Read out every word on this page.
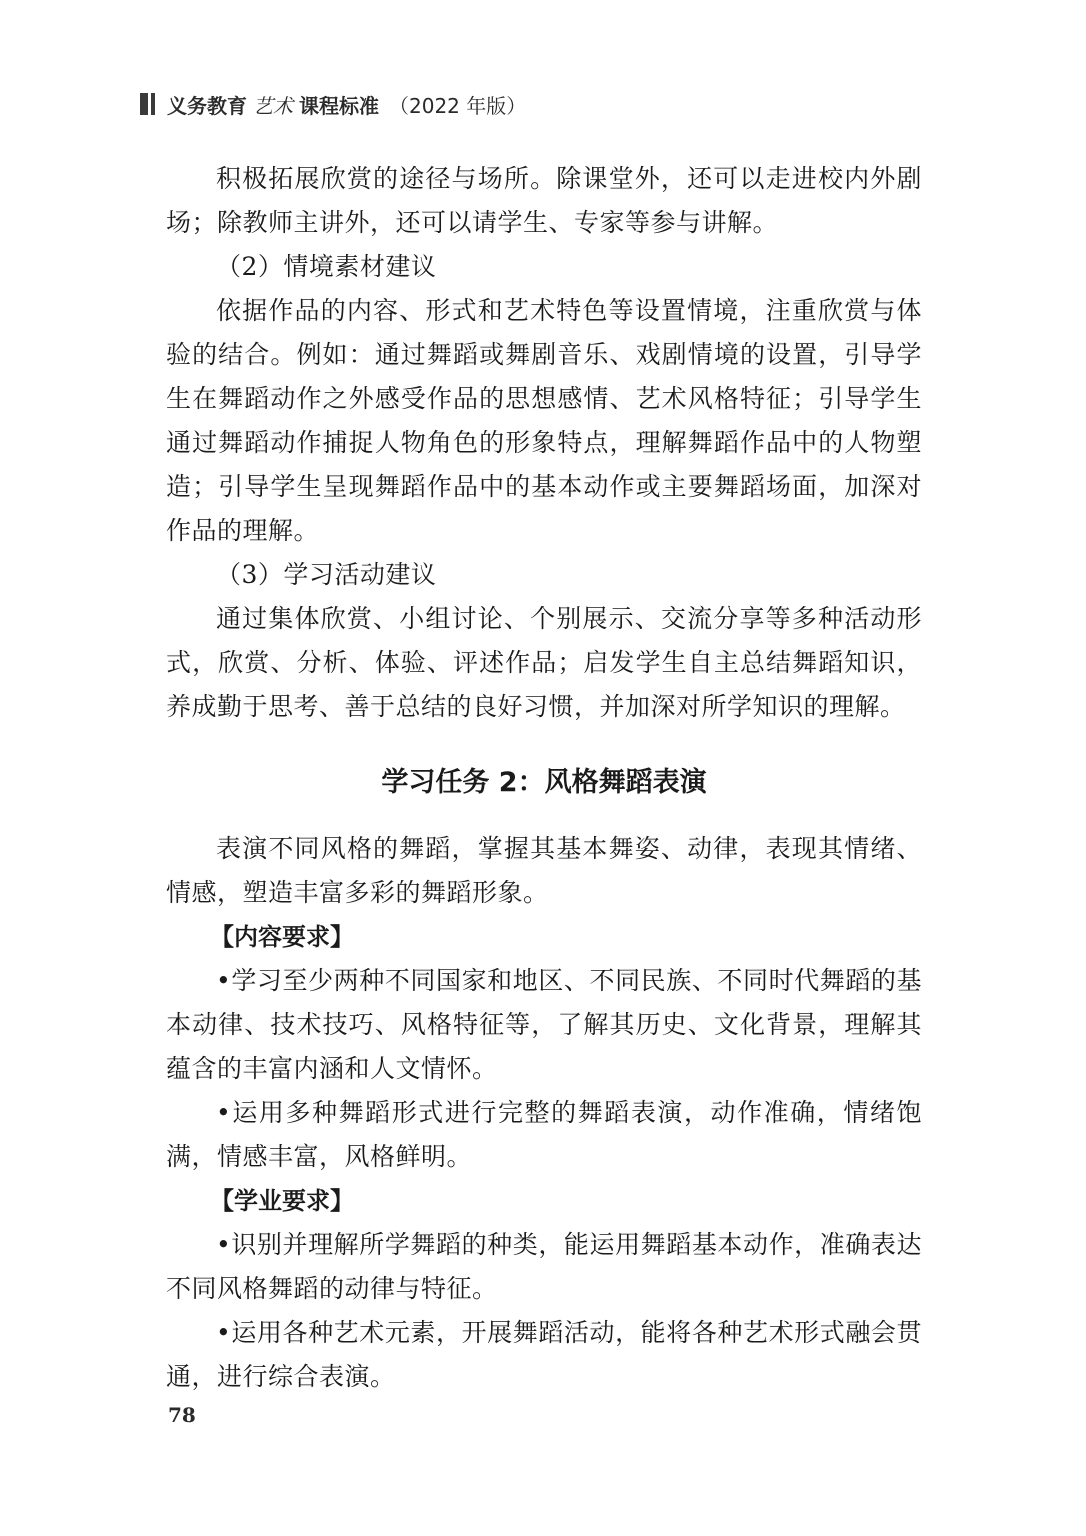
义务教育 艺术 课程标准 （2022 年版）

积极拓展欣赏的途径与场所。除课堂外，还可以走进校内外剧场；除教师主讲外，还可以请学生、专家等参与讲解。

（2）情境素材建议

依据作品的内容、形式和艺术特色等设置情境，注重欣赏与体验的结合。例如：通过舞蹈或舞剧音乐、戏剧情境的设置，引导学生在舞蹈动作之外感受作品的思想感情、艺术风格特征；引导学生通过舞蹈动作捕捉人物角色的形象特点，理解舞蹈作品中的人物塑造；引导学生呈现舞蹈作品中的基本动作或主要舞蹈场面，加深对作品的理解。

（3）学习活动建议

通过集体欣赏、小组讨论、个别展示、交流分享等多种活动形式，欣赏、分析、体验、评述作品；启发学生自主总结舞蹈知识，养成勤于思考、善于总结的良好习惯，并加深对所学知识的理解。

学习任务 2：风格舞蹈表演

表演不同风格的舞蹈，掌握其基本舞姿、动律，表现其情绪、情感，塑造丰富多彩的舞蹈形象。

【内容要求】

•学习至少两种不同国家和地区、不同民族、不同时代舞蹈的基本动律、技术技巧、风格特征等，了解其历史、文化背景，理解其蕴含的丰富内涵和人文情怀。

•运用多种舞蹈形式进行完整的舞蹈表演，动作准确，情绪饱满，情感丰富，风格鲜明。

【学业要求】

•识别并理解所学舞蹈的种类，能运用舞蹈基本动作，准确表达不同风格舞蹈的动律与特征。

•运用各种艺术元素，开展舞蹈活动，能将各种艺术形式融会贯通，进行综合表演。

78
